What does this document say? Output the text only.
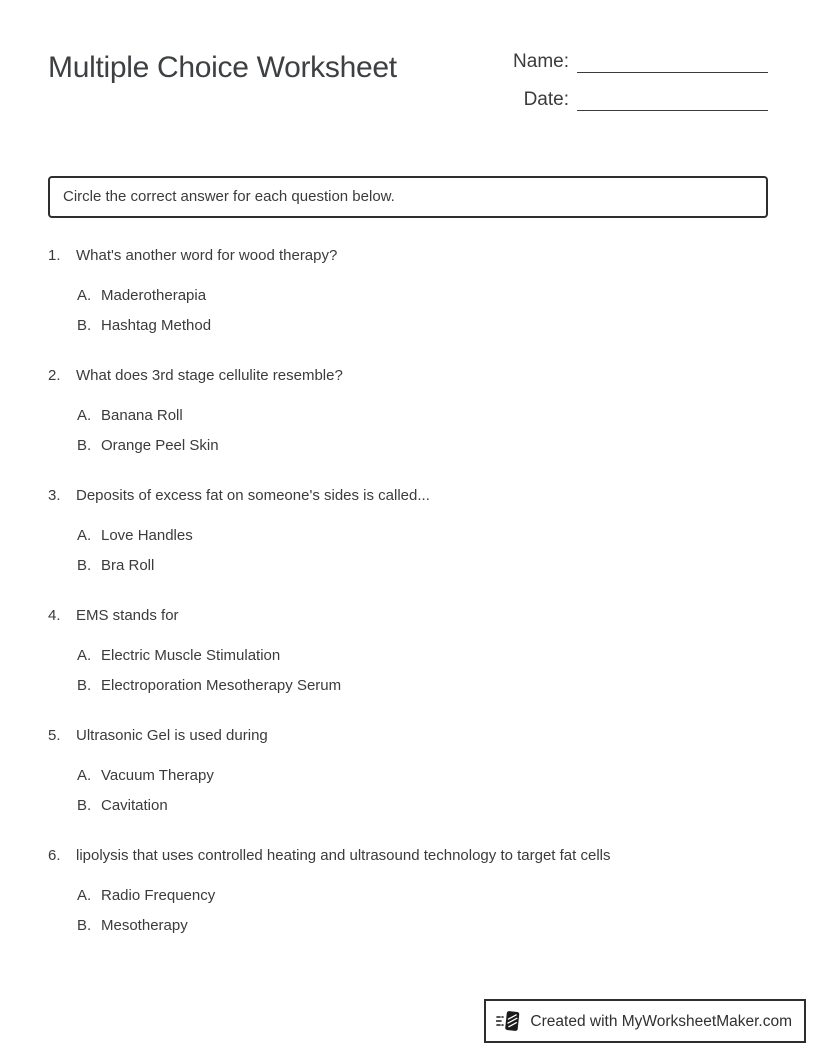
Multiple Choice Worksheet	Name:
Date:
Circle the correct answer for each question below.
1.	What's another word for wood therapy?
A. Maderotherapia
B. Hashtag Method
2.	What does 3rd stage cellulite resemble?
A. Banana Roll
B. Orange Peel Skin
3.	Deposits of excess fat on someone's sides is called...
A. Love Handles
B. Bra Roll
4.	EMS stands for
A. Electric Muscle Stimulation
B. Electroporation Mesotherapy Serum
5.	Ultrasonic Gel is used during
A. Vacuum Therapy
B. Cavitation
6.	lipolysis that uses controlled heating and ultrasound technology to target fat cells
A. Radio Frequency
B. Mesotherapy
Created with MyWorksheetMaker.com
